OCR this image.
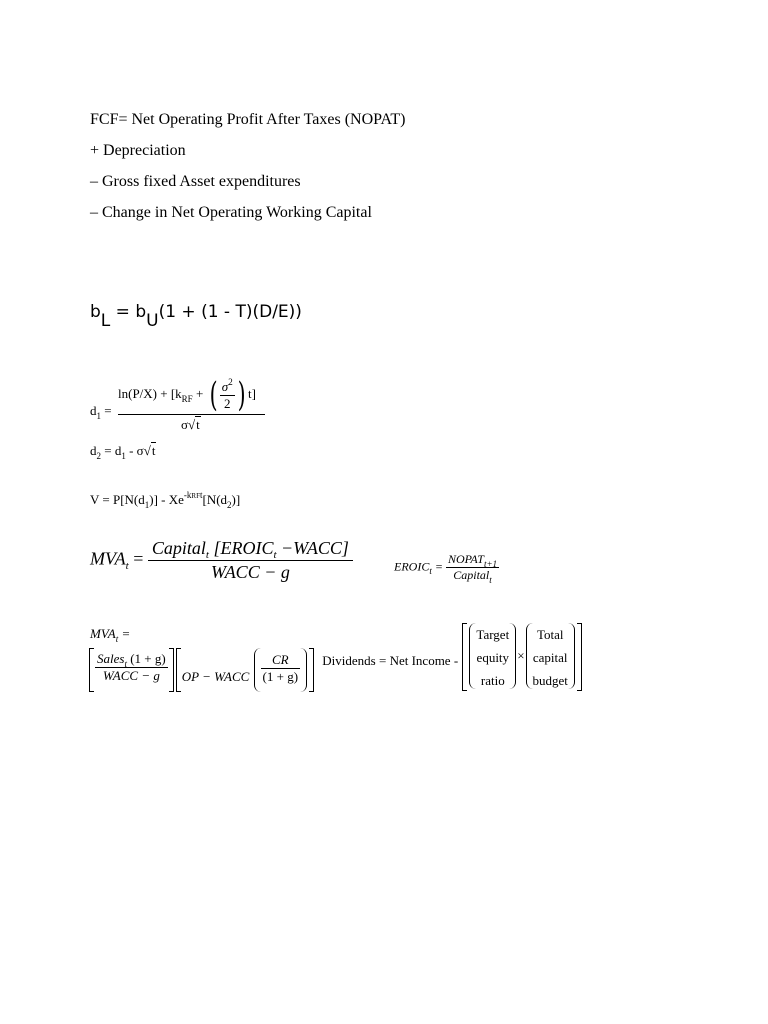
FCF= Net Operating Profit After Taxes (NOPAT)
+ Depreciation
– Gross fixed Asset expenditures
– Change in Net Operating Working Capital
bL = bU(1 + (1 - T)(D/E))
$d_1$ =
$\ln(P/X) + [k_{RF}$ + ( $\frac{\sigma^2}{2}$ ) t]
σ√t
$d_2 = d_1 - \sigma√t$
$V = P[N(d_1)] - Xe^{-kRFt}[N(d_2)]$
$MVA_t = \frac{Capital_t [EROIC_t -WACC]}{\text{WACC − g}}$	$EROIC_t = \frac{NOPAT_{t+1}}{Capital_t}$
$MVA_t$ =
$\frac{Sales_t (1 + g)}{\text{WACC − g}}$ OP − WACC $\frac{CR}{(1 + g)}$ Dividends = Net Income -
Target
equity
ratio
×
Total
capital
budget
